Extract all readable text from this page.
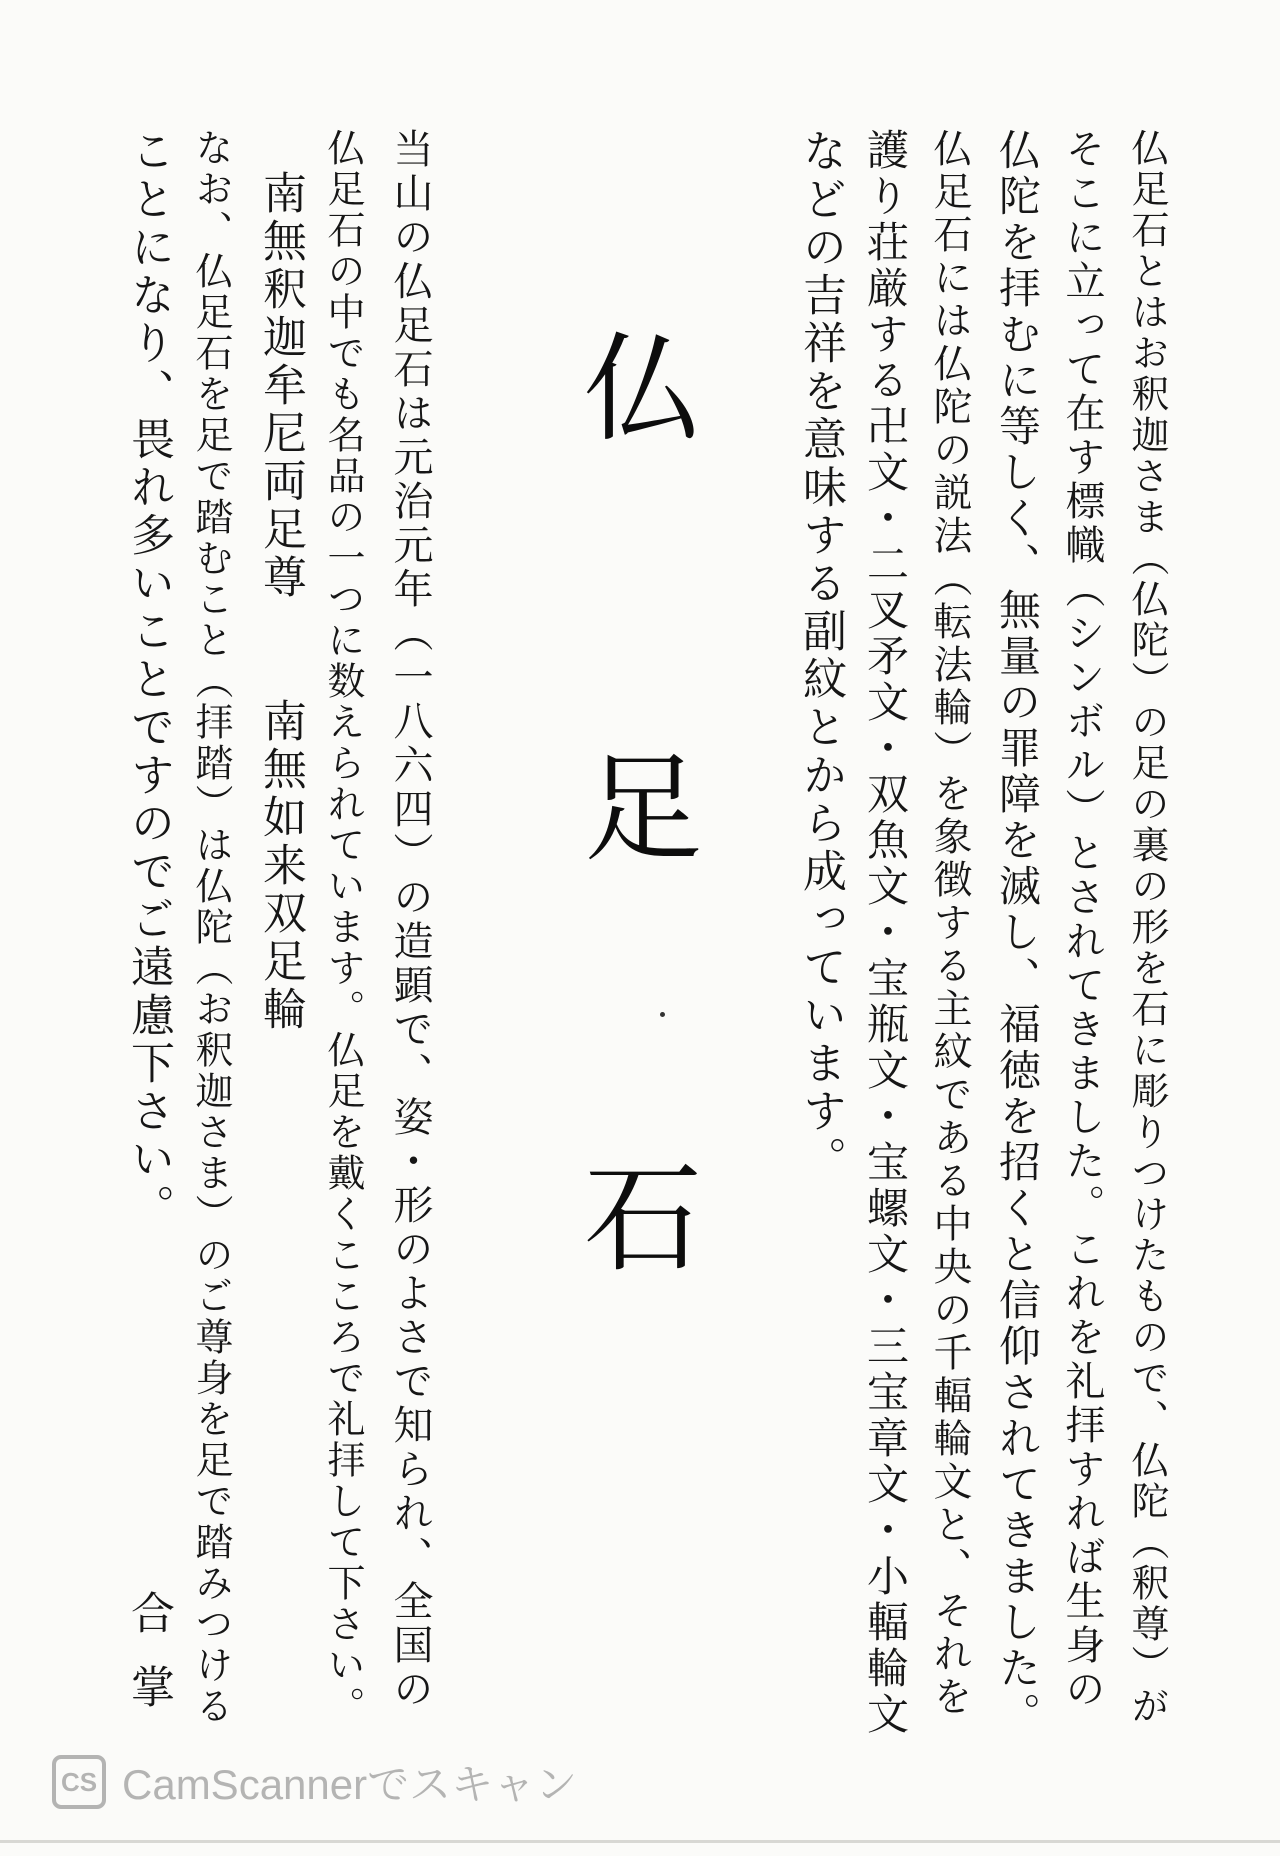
仏足石とはお釈迦さま（仏陀）の足の裏の形を石に彫りつけたもので、仏陀（釈尊）が
そこに立って在す標幟（シンボル）とされてきました。これを礼拝すれば生身の
仏陀を拝むに等しく、無量の罪障を滅し、福徳を招くと信仰されてきました。
仏足石には仏陀の説法（転法輪）を象徴する主紋である中央の千輻輪文と、それを
護り荘厳する卍文・二叉矛文・双魚文・宝瓶文・宝螺文・三宝章文・小輻輪文
などの吉祥を意味する副紋とから成っています。
仏
足
石
当山の仏足石は元治元年（一八六四）の造顕で、姿・形のよさで知られ、全国の
仏足石の中でも名品の一つに数えられています。仏足を戴くこころで礼拝して下さい。
南無釈迦牟尼両足尊　　南無如来双足輪
なお、仏足石を足で踏むこと（拝踏）は仏陀（お釈迦さま）のご尊身を足で踏みつける
ことになり、畏れ多いことですのでご遠慮下さい。
合掌
CS CamScannerでスキャン
